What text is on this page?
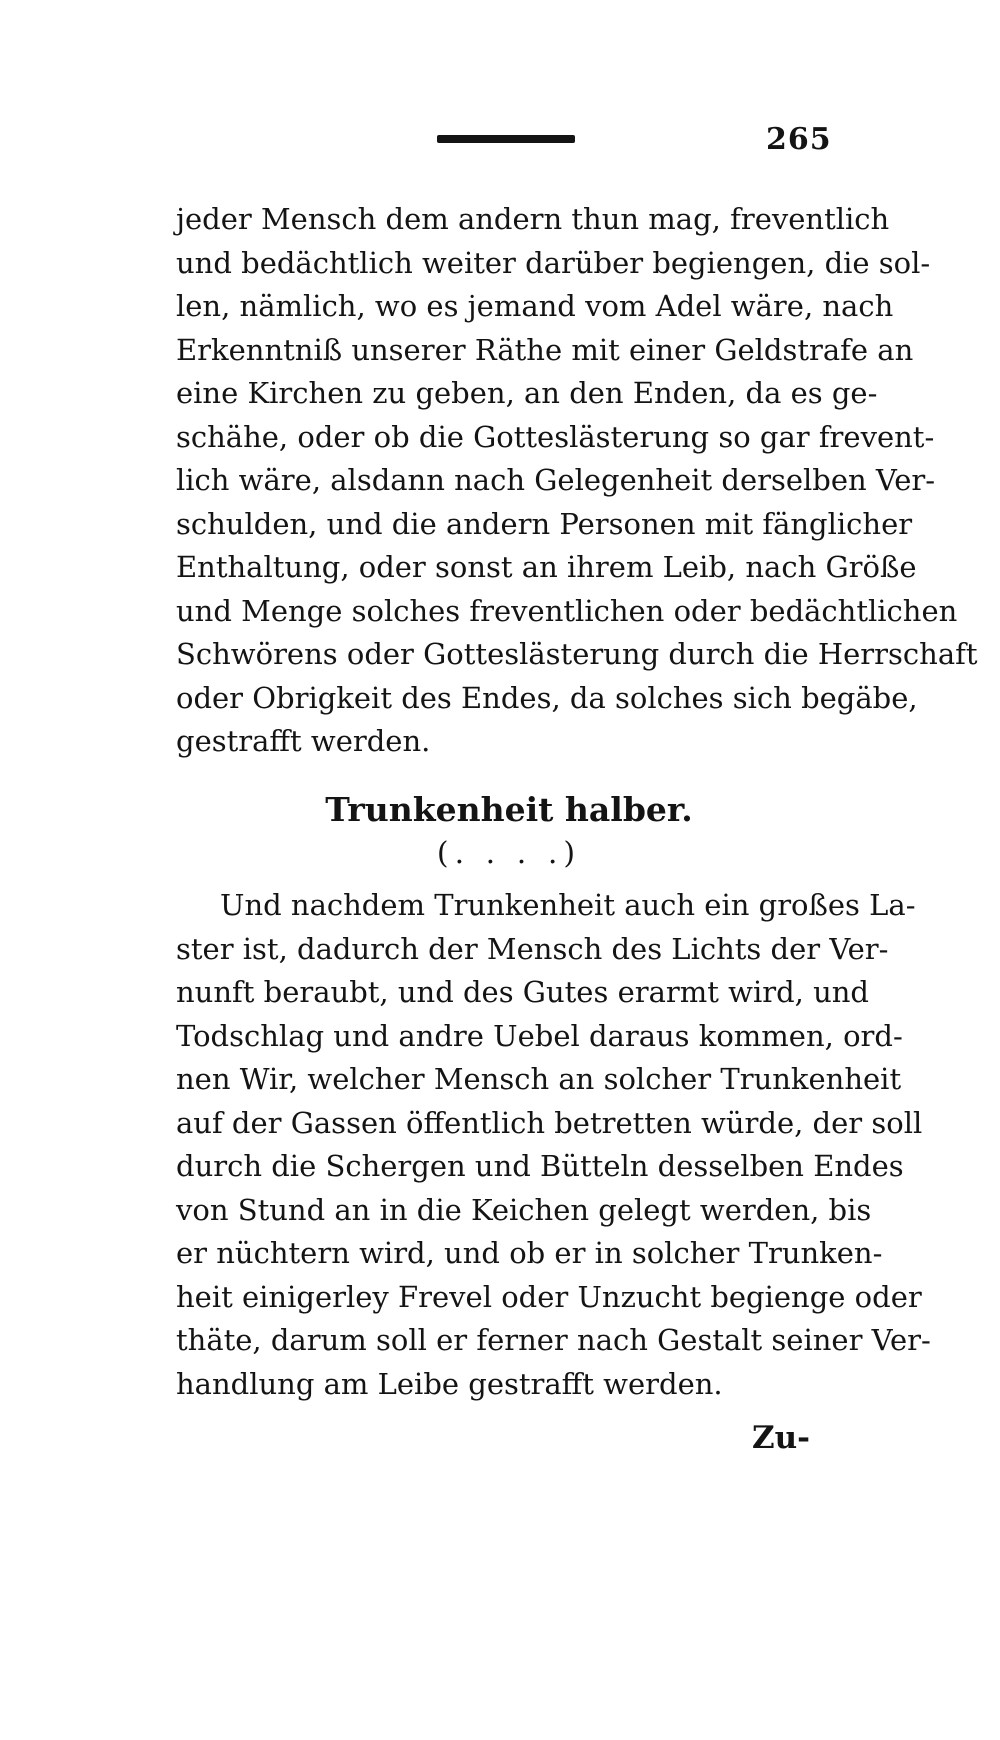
265
jeder Mensch dem andern thun mag, freventlich
und bedächtlich weiter darüber begiengen, die sol-
len, nämlich, wo es jemand vom Adel wäre, nach
Erkenntniß unserer Räthe mit einer Geldstrafe an
eine Kirchen zu geben, an den Enden, da es ge-
schähe, oder ob die Gotteslästerung so gar frevent-
lich wäre, alsdann nach Gelegenheit derselben Ver-
schulden, und die andern Personen mit fänglicher
Enthaltung, oder sonst an ihrem Leib, nach Größe
und Menge solches freventlichen oder bedächtlichen
Schwörens oder Gotteslästerung durch die Herrschaft
oder Obrigkeit des Endes, da solches sich begäbe,
gestrafft werden.
Trunkenheit halber.
(. . . .)
Und nachdem Trunkenheit auch ein großes La-
ster ist, dadurch der Mensch des Lichts der Ver-
nunft beraubt, und des Gutes erarmt wird, und
Todschlag und andre Uebel daraus kommen, ord-
nen Wir, welcher Mensch an solcher Trunkenheit
auf der Gassen öffentlich betretten würde, der soll
durch die Schergen und Bütteln desselben Endes
von Stund an in die Keichen gelegt werden, bis
er nüchtern wird, und ob er in solcher Trunken-
heit einigerley Frevel oder Unzucht begienge oder
thäte, darum soll er ferner nach Gestalt seiner Ver-
handlung am Leibe gestrafft werden.
Zu-
